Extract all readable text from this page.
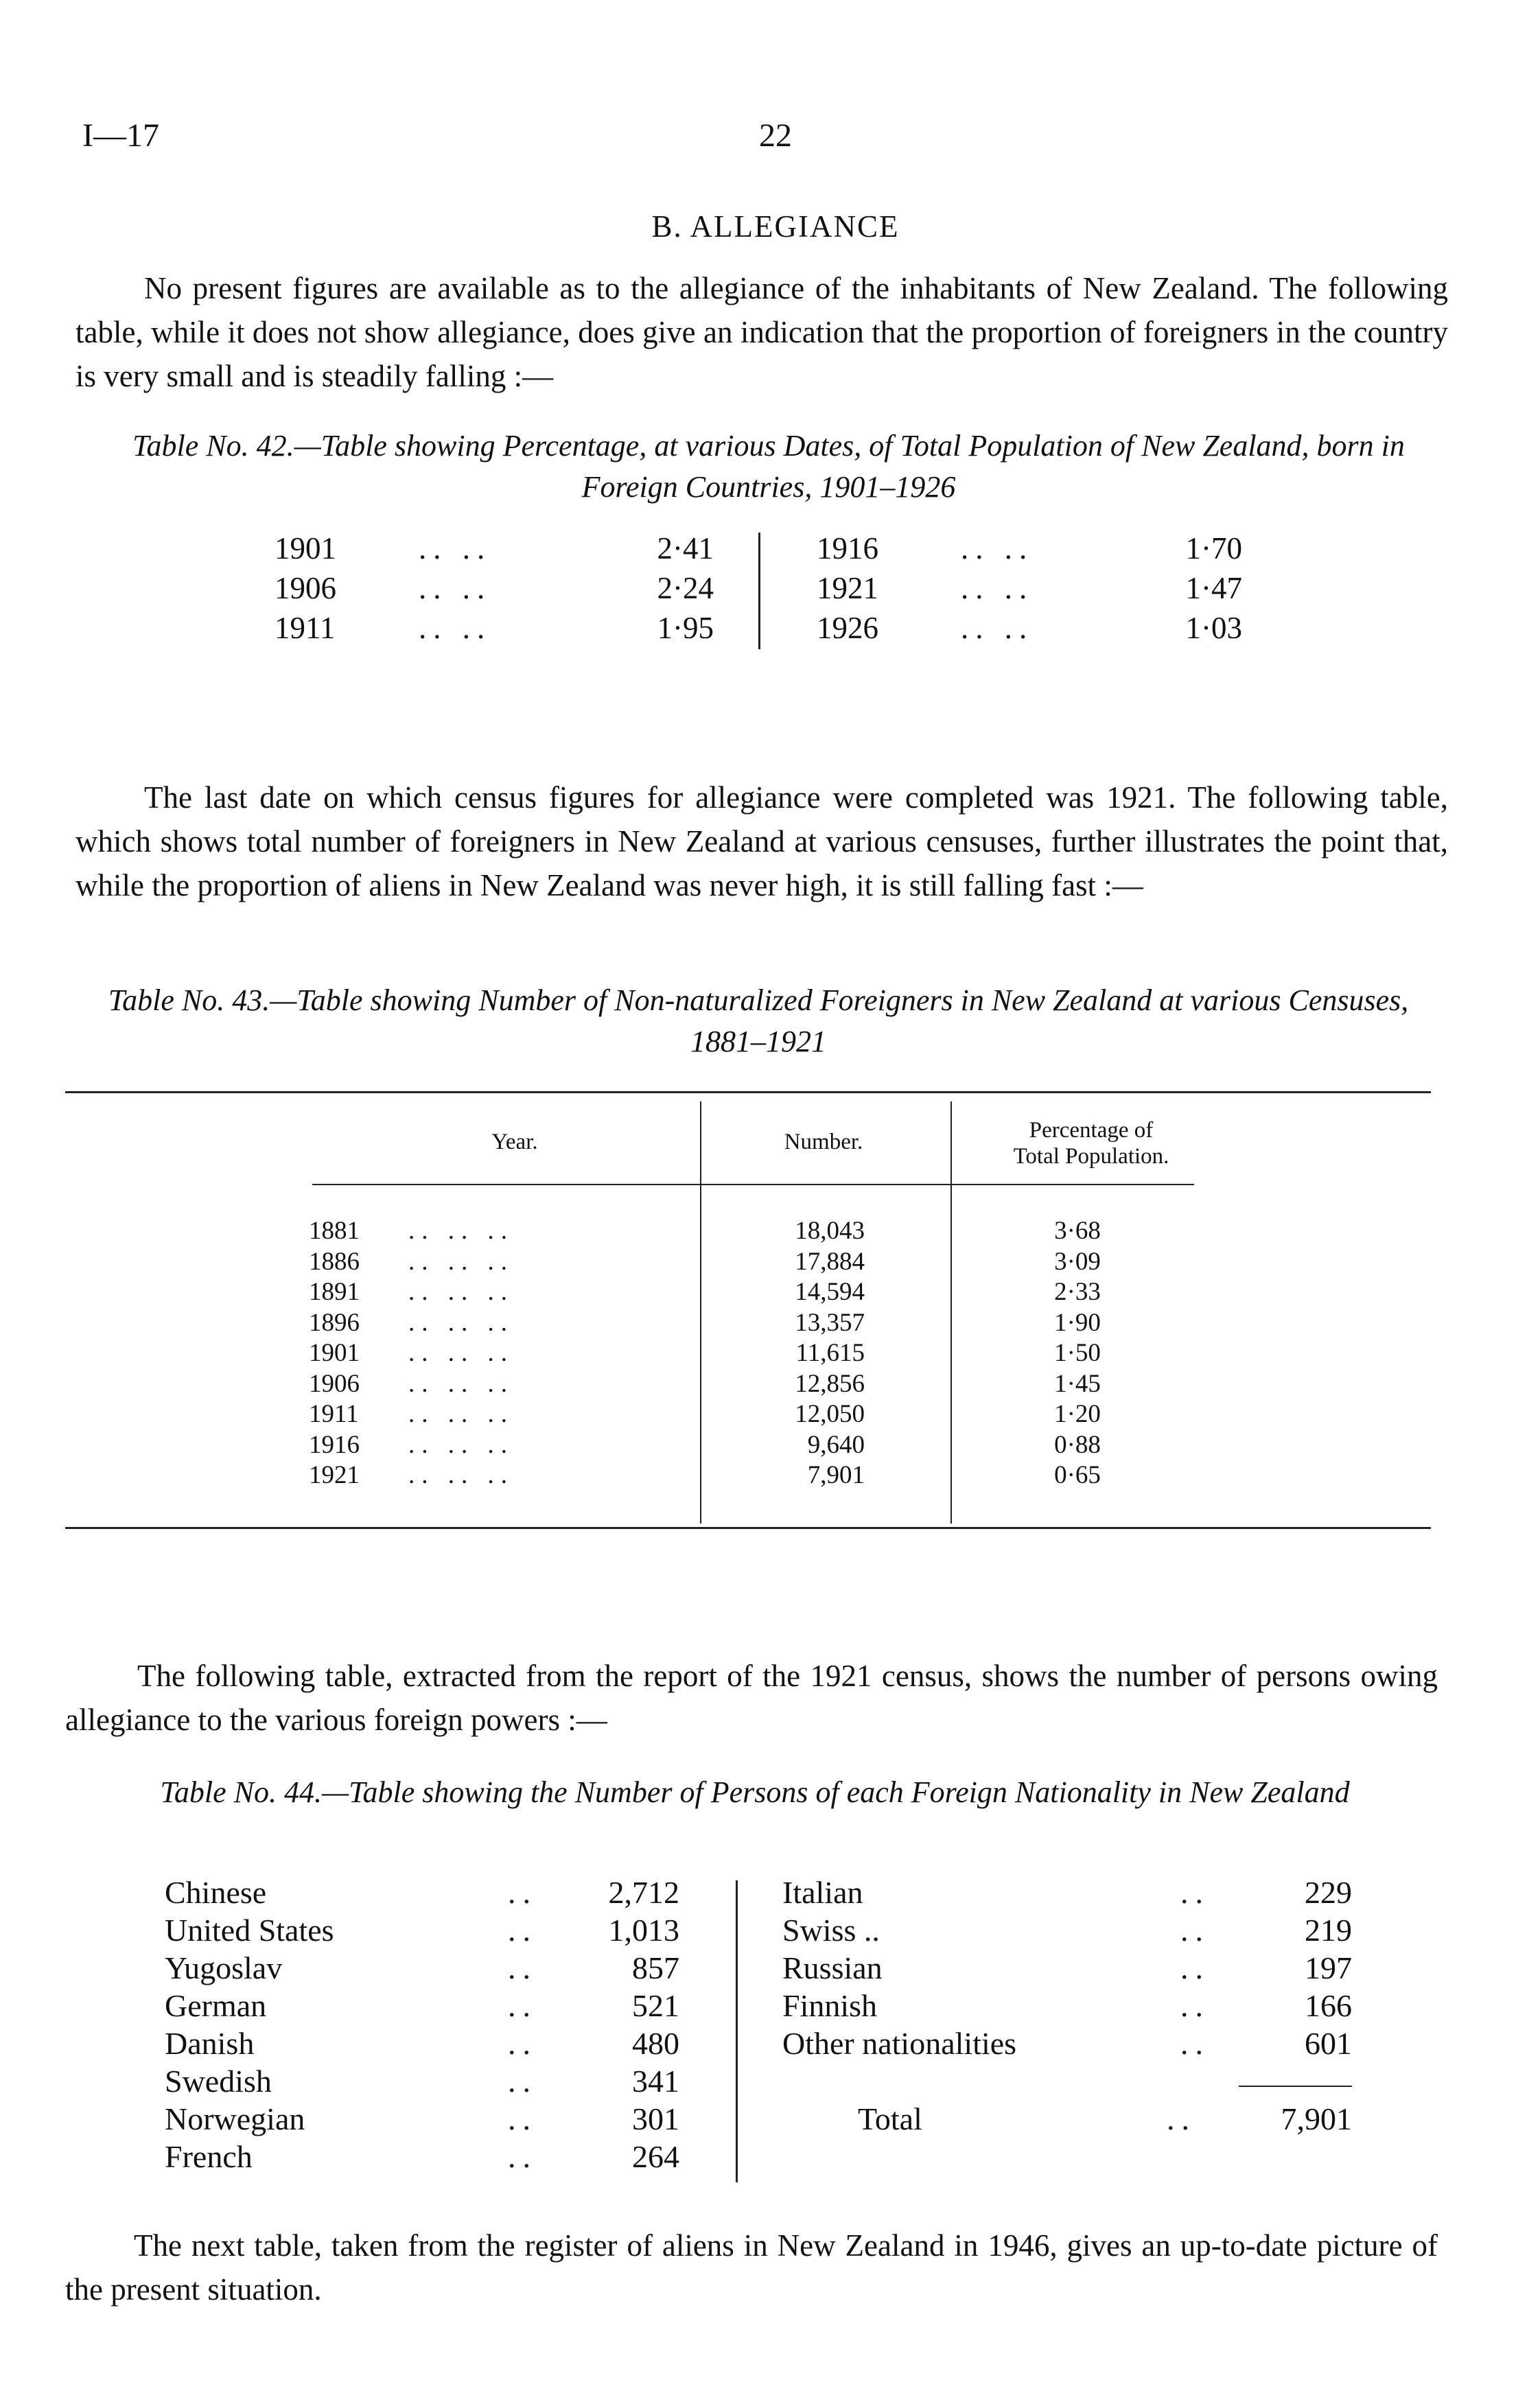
I—17	22
B. ALLEGIANCE
No present figures are available as to the allegiance of the inhabitants of New Zealand. The following table, while it does not show allegiance, does give an indication that the proportion of foreigners in the country is very small and is steadily falling :—
Table No. 42.—Table showing Percentage, at various Dates, of Total Population of New Zealand, born in Foreign Countries, 1901–1926
1901	.. ..	2·41
1906	.. ..	2·24
1911	.. ..	1·95
1916	.. ..	1·70
1921	.. ..	1·47
1926	.. ..	1·03
The last date on which census figures for allegiance were completed was 1921. The following table, which shows total number of foreigners in New Zealand at various censuses, further illustrates the point that, while the proportion of aliens in New Zealand was never high, it is still falling fast :—
Table No. 43.—Table showing Number of Non-naturalized Foreigners in New Zealand at various Censuses, 1881–1921
Year.	Number.	Percentage of
Total Population.
1881 .. .. ..	18,043	3·68
1886 .. .. ..	17,884	3·09
1891 .. .. ..	14,594	2·33
1896 .. .. ..	13,357	1·90
1901 .. .. ..	11,615	1·50
1906 .. .. ..	12,856	1·45
1911 .. .. ..	12,050	1·20
1916 .. .. ..	9,640	0·88
1921 .. .. ..	7,901	0·65
The following table, extracted from the report of the 1921 census, shows the number of persons owing allegiance to the various foreign powers :—
Table No. 44.—Table showing the Number of Persons of each Foreign Nationality in New Zealand
Chinese	..	2,712
United States	..	1,013
Yugoslav	..	857
German	..	521
Danish	..	480
Swedish	..	341
Norwegian	..	301
French	..	264
Italian	..	229
Swiss ..	..	219
Russian	..	197
Finnish	..	166
Other nationalities	..	601
Total	..	7,901
The next table, taken from the register of aliens in New Zealand in 1946, gives an up-to-date picture of the present situation.
